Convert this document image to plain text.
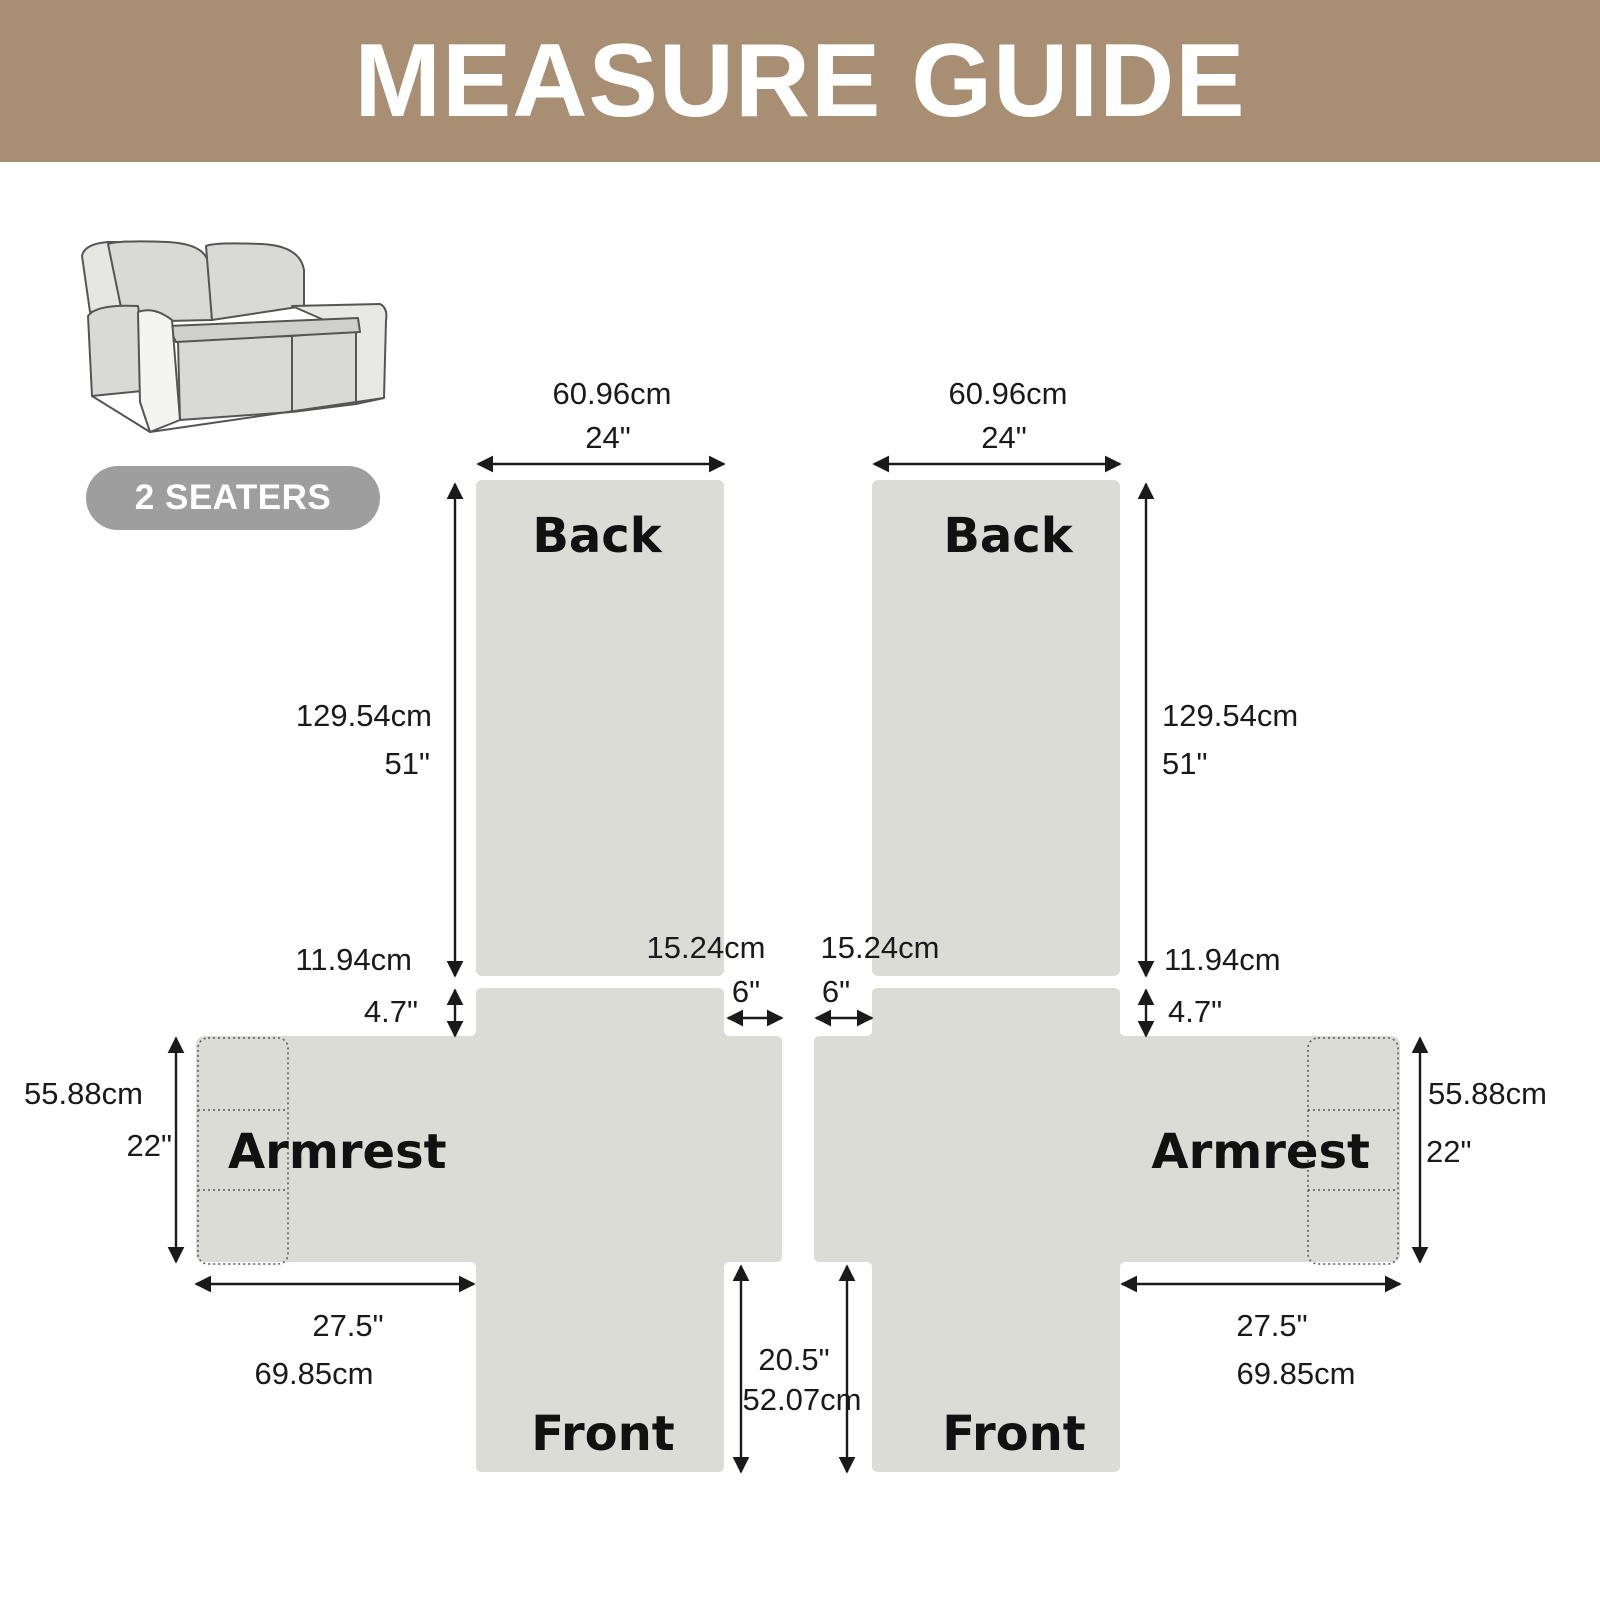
MEASURE GUIDE
Back	Back
Armrest	Armrest
Front	Front
60.96cm
24"
129.54cm
51"
11.94cm
4.7"
15.24cm
6"
55.88cm
22"
27.5"
69.85cm	20.5"
52.07cm
60.96cm
24"
129.54cm
51"
11.94cm
4.7"
15.24cm
6"
55.88cm
22"
27.5"
69.85cm
2 SEATERS
